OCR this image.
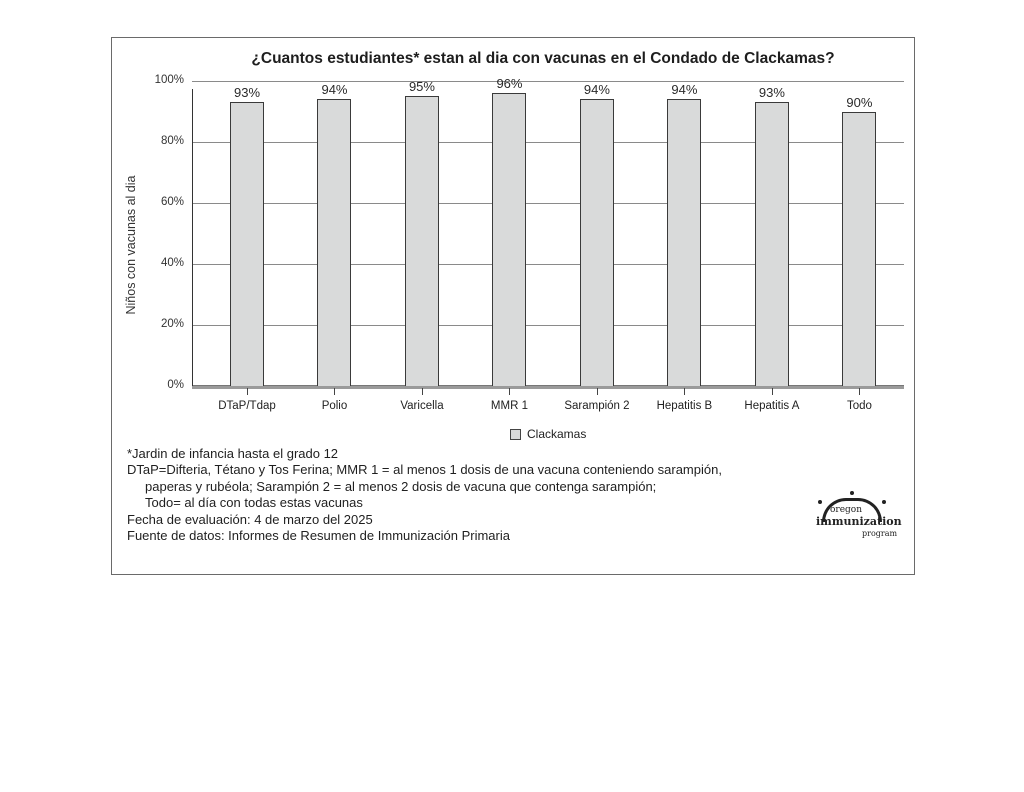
¿Cuantos estudiantes* estan al dia con vacunas en el Condado de Clackamas?
Niños con vacunas al dia
100%
80%
60%
40%
20%
0%
93%
DTaP/Tdap
94%
Polio
95%
Varicella
96%
MMR 1
94%
Sarampión 2
94%
Hepatitis B
93%
Hepatitis A
90%
Todo
Clackamas
*Jardin de infancia hasta el grado 12
DTaP=Difteria, Tétano y Tos Ferina; MMR 1 = al menos 1 dosis de una vacuna conteniendo sarampión,
paperas y rubéola; Sarampión 2 = al menos 2 dosis de vacuna que contenga sarampión;
Todo= al día con todas estas vacunas
Fecha de evaluación: 4 de marzo del 2025
Fuente de datos: Informes de Resumen de Immunización Primaria
oregon
immunization
program
